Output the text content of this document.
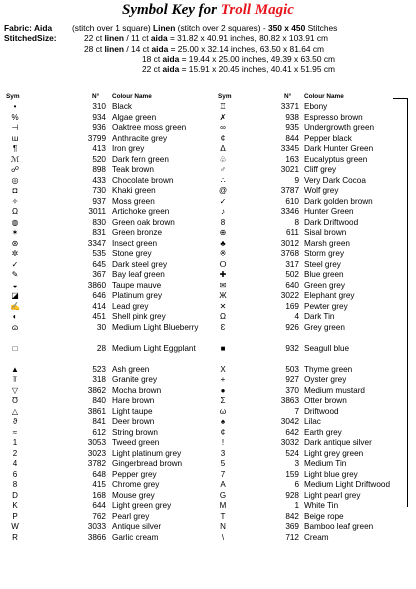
Symbol Key for Troll Magic
Fabric: Aida (stitch over 1 square) Linen (stitch over 2 squares) - 350 x 450 Stitches
StitchedSize:	22 ct linen / 11 ct aida = 31.82 x 40.91 inches, 80.82 x 103.91 cm
28 ct linen / 14 ct aida = 25.00 x 32.14 inches, 63.50 x 81.64 cm
18 ct aida = 19.44 x 25.00 inches, 49.39 x 63.50 cm
22 ct aida = 15.91 x 20.45 inches, 40.41 x 51.95 cm
Sym	N° Colour Name
•	310 Black
%	934 Algae green
⊣	936 Oaktree moss green
ɯ	3799 Anthracite grey
¶	413 Iron grey
ℳ	520 Dark fern green
☍	898 Teak brown
◎	433 Chocolate brown
◘	730 Khaki green
✧	937 Moss green
Ω	3011 Artichoke green
◍	830 Green oak brown
✶	831 Green bronze
⊛	3347 Insect green
✲	535 Stone grey
✓	645 Dark steel grey
✎	367 Bay leaf green
◒	3860 Taupe mauve
◪	646 Platinum grey
✍	414 Lead grey
◐	451 Shell pink grey
ɷ	30 Medium Light Blueberry
□	28 Medium Light Eggplant
▲	523 Ash green
⫪	318 Granite grey
▽	3862 Mocha brown
Ʊ	840 Hare brown
△	3861 Light taupe
ϑ	841 Deer brown
≈	612 String brown
1	3053 Tweed green
2	3023 Light platinum grey
4	3782 Gingerbread brown
6	648 Pepper grey
8	415 Chrome grey
D	168 Mouse grey
K	644 Light green grey
P	762 Pearl grey
W	3033 Antique silver
R	3866 Garlic cream
Sym	N° Colour Name
♖	3371 Ebony
✗	938 Espresso brown
∞	935 Undergrowth green
¢	844 Pepper black
ᐃ	3345 Dark Hunter Green
♧	163 Eucalyptus green
♂	3021 Cliff grey
∴	9 Very Dark Cocoa
@	3787 Wolf grey
✓	610 Dark golden brown
♪	3346 Hunter Green
8	8 Dark Driftwood
⊕	611 Sisal brown
♣	3012 Marsh green
※	3768 Storm grey
ⵔ	317 Steel grey
✚	502 Blue green
✉	640 Green grey
Ж	3022 Elephant grey
✕	169 Pewter grey
Ω	4 Dark Tin
Ɛ	926 Grey green
■	932 Seagull blue
X	503 Thyme green
+	927 Oyster grey
●	370 Medium mustard
Σ	3863 Otter brown
ω	7 Driftwood
♠	3042 Lilac
¢	642 Earth grey
!	3032 Dark antique silver
3	524 Light grey green
5	3 Medium Tin
7	159 Light blue grey
A	6 Medium Light Driftwood
G	928 Light pearl grey
M	1 White Tin
T	842 Beige rope
N	369 Bamboo leaf green
\	712 Cream
